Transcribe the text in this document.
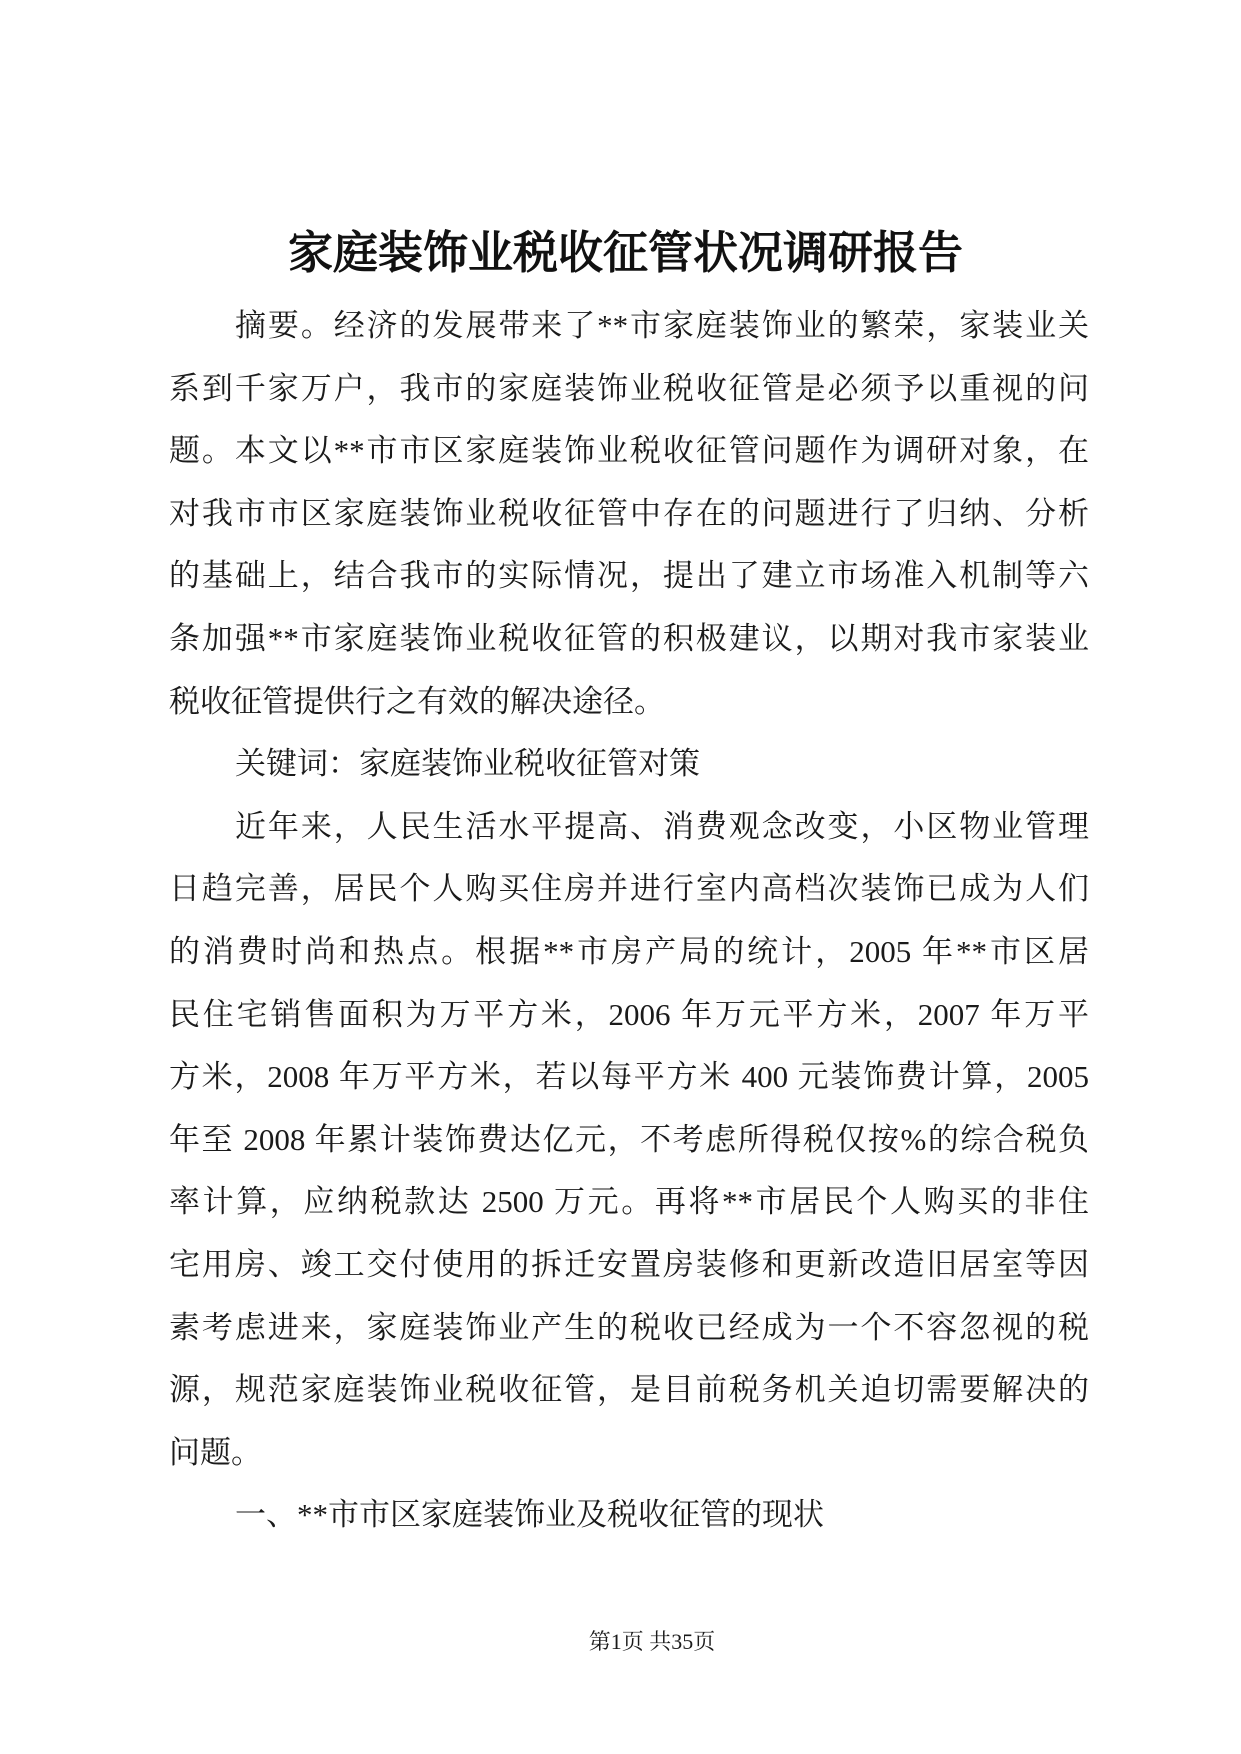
家庭装饰业税收征管状况调研报告
摘要。经济的发展带来了**市家庭装饰业的繁荣，家装业关
系到千家万户，我市的家庭装饰业税收征管是必须予以重视的问
题。本文以**市市区家庭装饰业税收征管问题作为调研对象，在
对我市市区家庭装饰业税收征管中存在的问题进行了归纳、分析
的基础上，结合我市的实际情况，提出了建立市场准入机制等六
条加强**市家庭装饰业税收征管的积极建议，以期对我市家装业
税收征管提供行之有效的解决途径。
关键词：家庭装饰业税收征管对策
近年来，人民生活水平提高、消费观念改变，小区物业管理
日趋完善，居民个人购买住房并进行室内高档次装饰已成为人们
的消费时尚和热点。根据**市房产局的统计，2005 年**市区居
民住宅销售面积为万平方米，2006 年万元平方米，2007 年万平
方米，2008 年万平方米，若以每平方米 400 元装饰费计算，2005
年至 2008 年累计装饰费达亿元，不考虑所得税仅按%的综合税负
率计算，应纳税款达 2500 万元。再将**市居民个人购买的非住
宅用房、竣工交付使用的拆迁安置房装修和更新改造旧居室等因
素考虑进来，家庭装饰业产生的税收已经成为一个不容忽视的税
源，规范家庭装饰业税收征管，是目前税务机关迫切需要解决的
问题。
一、**市市区家庭装饰业及税收征管的现状
第1页 共35页
